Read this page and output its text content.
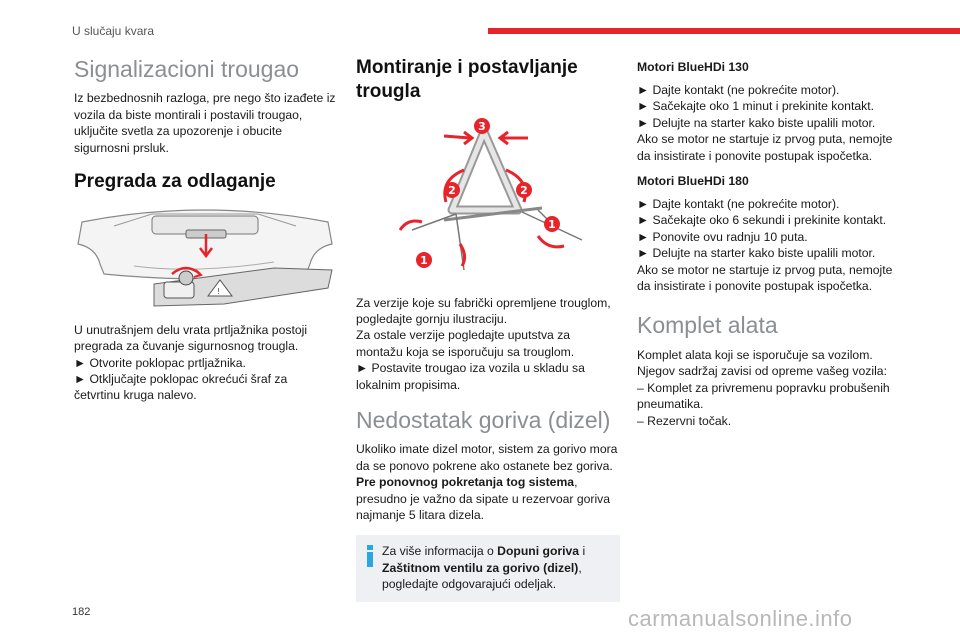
U slučaju kvara
Signalizacioni trougao

Iz bezbednosnih razloga, pre nego što izađete iz vozila da biste montirali i postavili trougao, uključite svetla za upozorenje i obucite sigurnosni prsluk.

Pregrada za odlaganje
!

U unutrašnjem delu vrata prtljažnika postoji pregrada za čuvanje sigurnosnog trougla.

► Otvorite poklopac prtljažnika.

► Otključajte poklopac okrećući šraf za četvrtinu kruga nalevo.

Montiranje i postavljanje trougla
3
2	2
1
1

Za verzije koje su fabrički opremljene trouglom, pogledajte gornju ilustraciju.

Za ostale verzije pogledajte uputstva za montažu koja se isporučuju sa trouglom.

► Postavite trougao iza vozila u skladu sa lokalnim propisima.

Nedostatak goriva (dizel)

Ukoliko imate dizel motor, sistem za gorivo mora da se ponovo pokrene ako ostanete bez goriva. Pre ponovnog pokretanja tog sistema, presudno je važno da sipate u rezervoar goriva najmanje 5 litara dizela.

Za više informacija o Dopuni goriva i Zaštitnom ventilu za gorivo (dizel), pogledajte odgovarajući odeljak.
Motori BlueHDi 130

► Dajte kontakt (ne pokrećite motor).

► Sačekajte oko 1 minut i prekinite kontakt.

► Delujte na starter kako biste upalili motor.

Ako se motor ne startuje iz prvog puta, nemojte da insistirate i ponovite postupak ispočetka.

Motori BlueHDi 180

► Dajte kontakt (ne pokrećite motor).

► Sačekajte oko 6 sekundi i prekinite kontakt.

► Ponovite ovu radnju 10 puta.

► Delujte na starter kako biste upalili motor.

Ako se motor ne startuje iz prvog puta, nemojte da insistirate i ponovite postupak ispočetka.

Komplet alata

Komplet alata koji se isporučuje sa vozilom.

Njegov sadržaj zavisi od opreme vašeg vozila:

– Komplet za privremenu popravku probušenih pneumatika.

– Rezervni točak.

182	carmanualsonline.info
